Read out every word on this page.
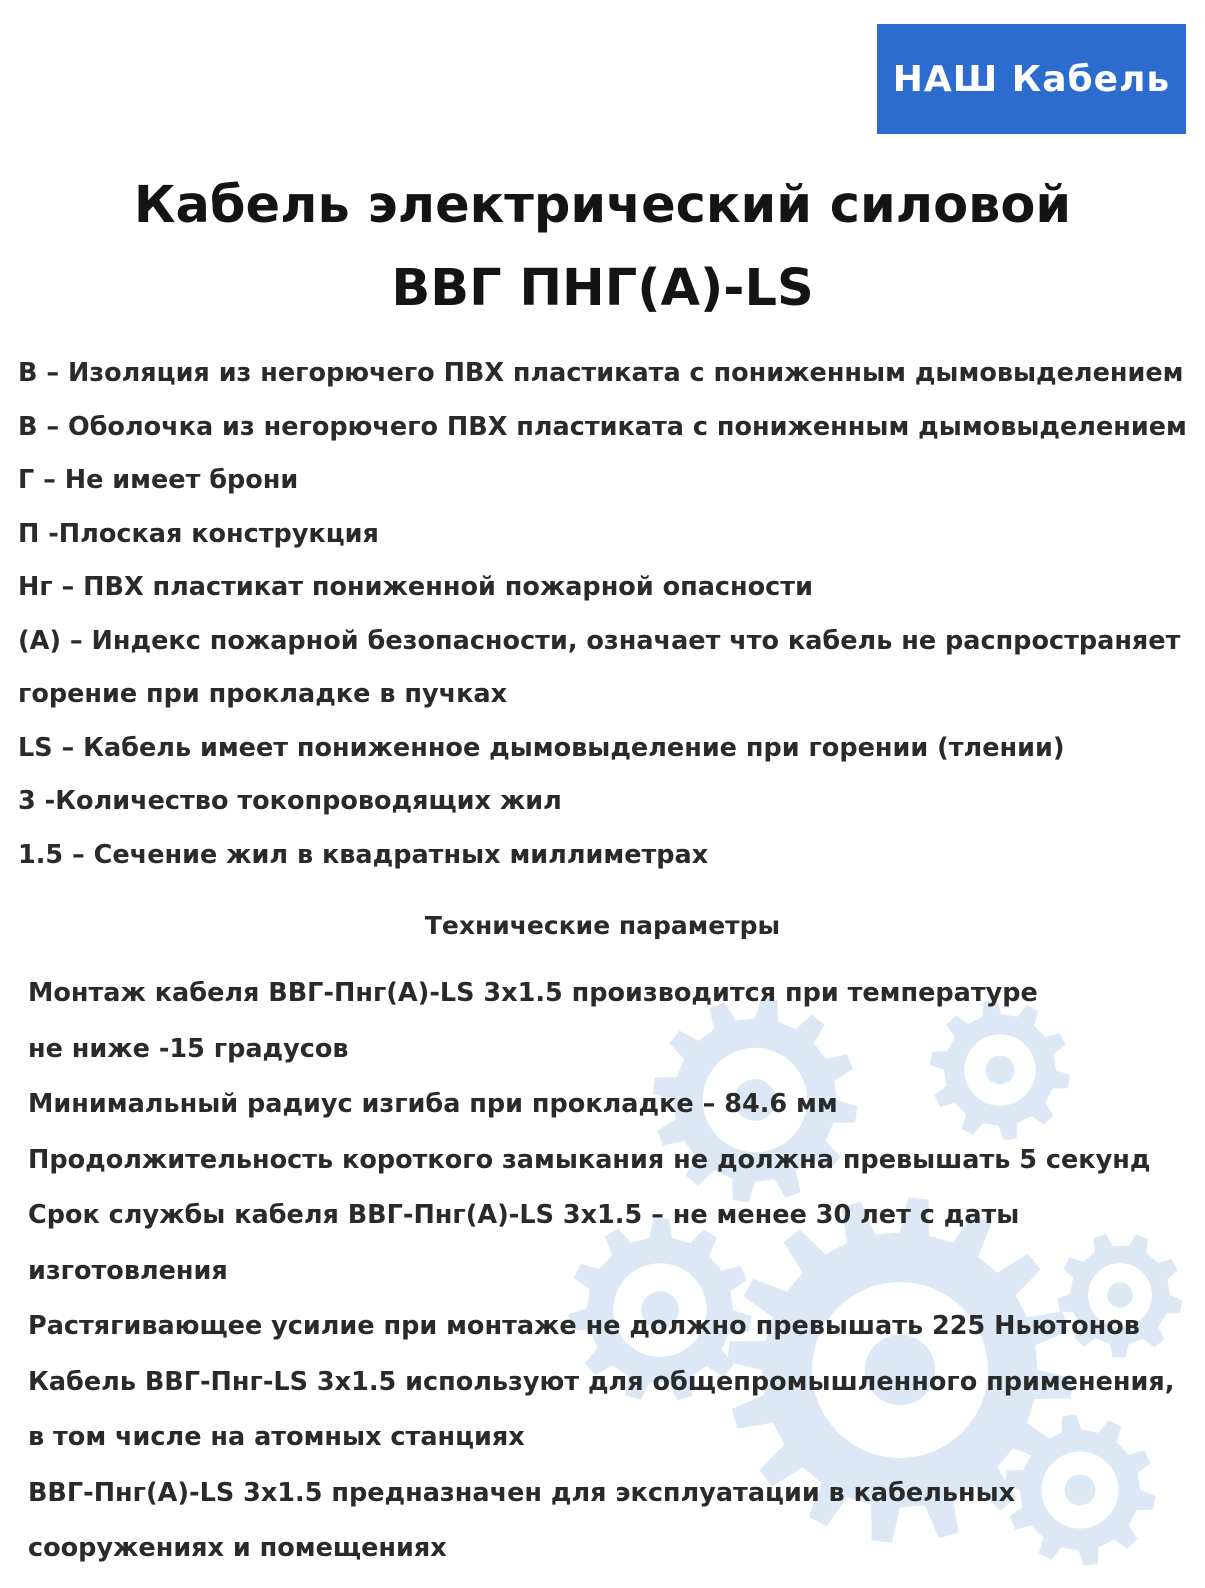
НАШ Кабель
Кабель электрический силовой
ВВГ ПНГ(А)-LS
В – Изоляция из негорючего ПВХ пластиката с пониженным дымовыделением
В – Оболочка из негорючего ПВХ пластиката с пониженным дымовыделением
Г – Не имеет брони
П -Плоская конструкция
Нг – ПВХ пластикат пониженной пожарной опасности
(А) – Индекс пожарной безопасности, означает что кабель не распространяет
горение при прокладке в пучках
LS – Кабель имеет пониженное дымовыделение при горении (тлении)
3 -Количество токопроводящих жил
1.5 – Сечение жил в квадратных миллиметрах
Технические параметры
Монтаж кабеля ВВГ-Пнг(А)-LS 3х1.5 производится при температуре
не ниже -15 градусов
Минимальный радиус изгиба при прокладке – 84.6 мм
Продолжительность короткого замыкания не должна превышать 5 секунд
Срок службы кабеля ВВГ-Пнг(А)-LS 3х1.5 – не менее 30 лет с даты
изготовления
Растягивающее усилие при монтаже не должно превышать 225 Ньютонов
Кабель ВВГ-Пнг-LS 3х1.5 используют для общепромышленного применения,
в том числе на атомных станциях
ВВГ-Пнг(А)-LS 3х1.5 предназначен для эксплуатации в кабельных
сооружениях и помещениях
